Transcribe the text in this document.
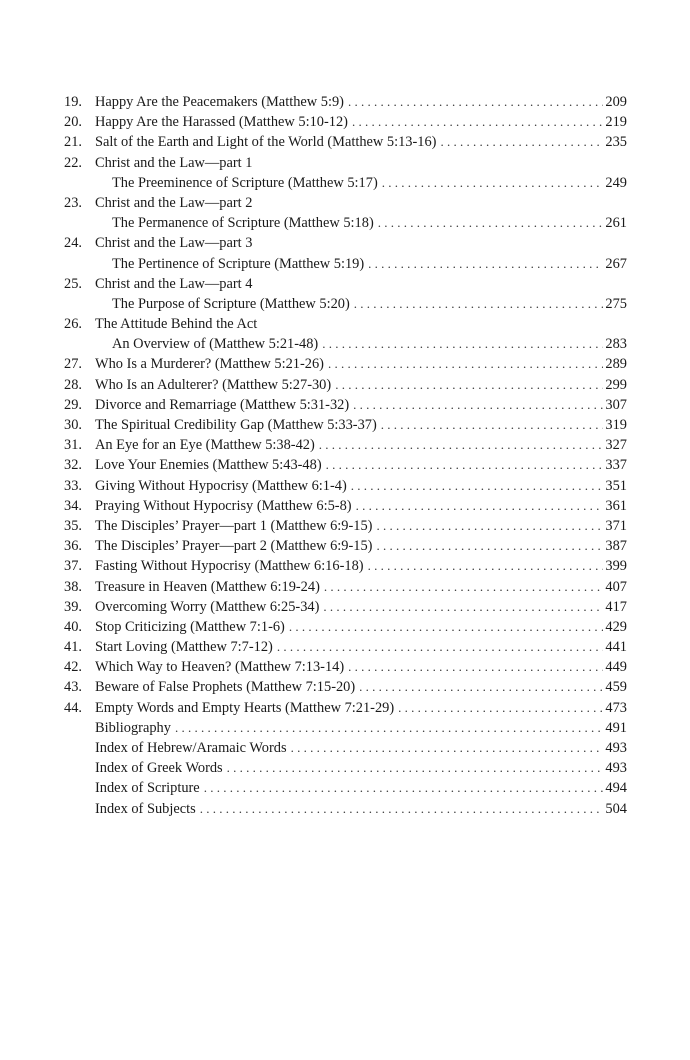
19. Happy Are the Peacemakers (Matthew 5:9) . . .	209
20. Happy Are the Harassed (Matthew 5:10-12) . . .	219
21. Salt of the Earth and Light of the World (Matthew 5:13-16) . . .	235
22. Christ and the Law—part 1
The Preeminence of Scripture (Matthew 5:17) . . .	249
23. Christ and the Law—part 2
The Permanence of Scripture (Matthew 5:18) . . .	261
24. Christ and the Law—part 3
The Pertinence of Scripture (Matthew 5:19) . . .	267
25. Christ and the Law—part 4
The Purpose of Scripture (Matthew 5:20) . . .	275
26. The Attitude Behind the Act
An Overview of (Matthew 5:21-48) . . .	283
27. Who Is a Murderer? (Matthew 5:21-26) . . .	289
28. Who Is an Adulterer? (Matthew 5:27-30) . . .	299
29. Divorce and Remarriage (Matthew 5:31-32) . . .	307
30. The Spiritual Credibility Gap (Matthew 5:33-37) . . .	319
31. An Eye for an Eye (Matthew 5:38-42) . . .	327
32. Love Your Enemies (Matthew 5:43-48) . . .	337
33. Giving Without Hypocrisy (Matthew 6:1-4) . . .	351
34. Praying Without Hypocrisy (Matthew 6:5-8) . . .	361
35. The Disciples’ Prayer—part 1 (Matthew 6:9-15) . . .	371
36. The Disciples’ Prayer—part 2 (Matthew 6:9-15) . . .	387
37. Fasting Without Hypocrisy (Matthew 6:16-18) . . .	399
38. Treasure in Heaven (Matthew 6:19-24) . . .	407
39. Overcoming Worry (Matthew 6:25-34) . . .	417
40. Stop Criticizing (Matthew 7:1-6) . . .	429
41. Start Loving (Matthew 7:7-12) . . .	441
42. Which Way to Heaven? (Matthew 7:13-14) . . .	449
43. Beware of False Prophets (Matthew 7:15-20) . . .	459
44. Empty Words and Empty Hearts (Matthew 7:21-29) . . .	473
Bibliography . . .	491
Index of Hebrew/Aramaic Words . . .	493
Index of Greek Words . . .	493
Index of Scripture . . .	494
Index of Subjects . . .	504
